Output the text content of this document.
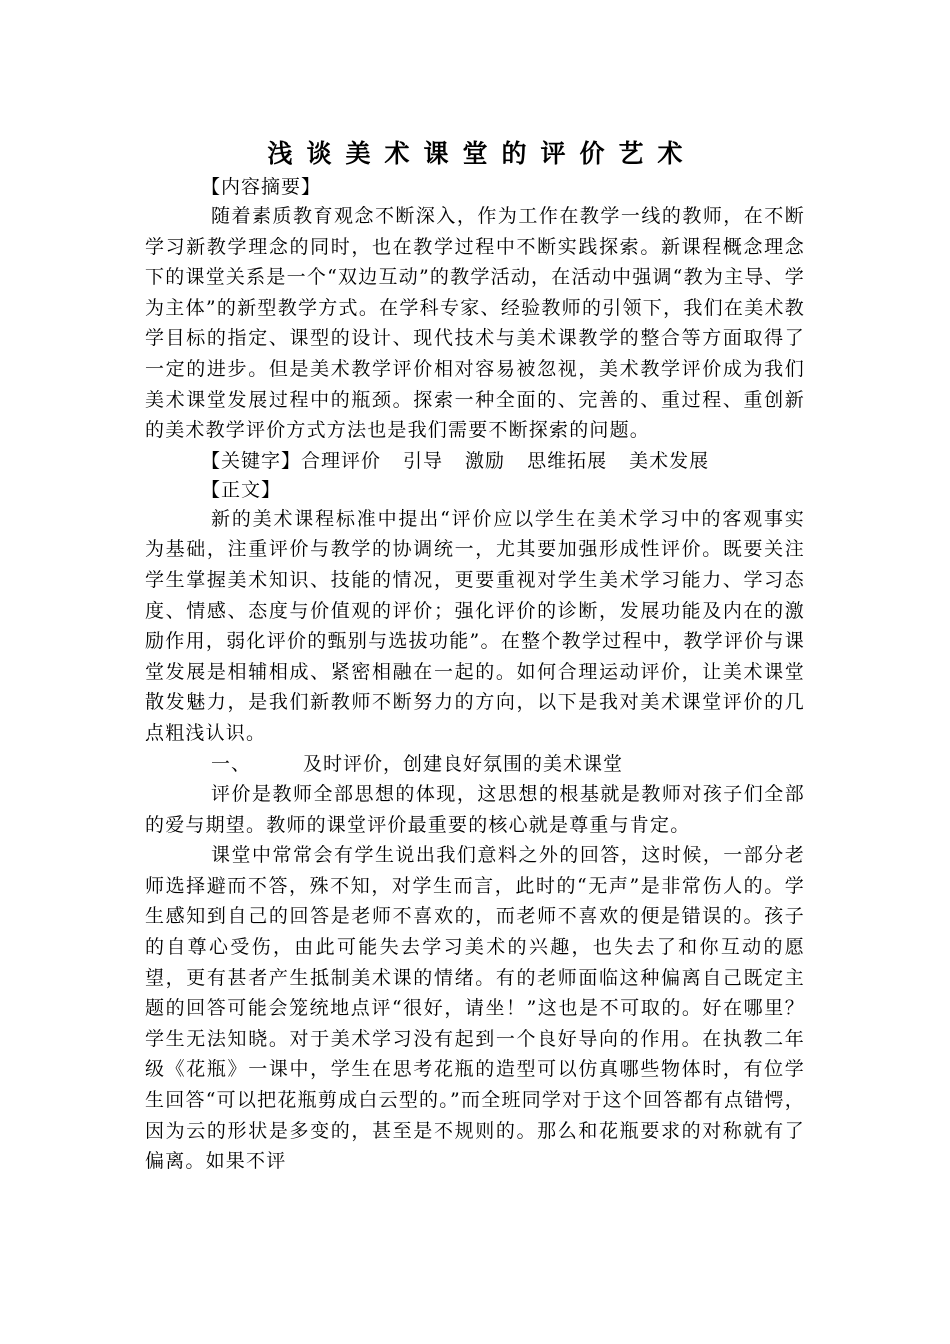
浅谈美术课堂的评价艺术

【内容摘要】

随着素质教育观念不断深入，作为工作在教学一线的教师，在不断学习新教学理念的同时，也在教学过程中不断实践探索。新课程概念理念下的课堂关系是一个“双边互动”的教学活动，在活动中强调“教为主导、学为主体”的新型教学方式。在学科专家、经验教师的引领下，我们在美术教学目标的指定、课型的设计、现代技术与美术课教学的整合等方面取得了一定的进步。但是美术教学评价相对容易被忽视，美术教学评价成为我们美术课堂发展过程中的瓶颈。探索一种全面的、完善的、重过程、重创新的美术教学评价方式方法也是我们需要不断探索的问题。

【关键字】合理评价 引导 激励 思维拓展 美术发展

【正文】

新的美术课程标准中提出“评价应以学生在美术学习中的客观事实为基础，注重评价与教学的协调统一，尤其要加强形成性评价。既要关注学生掌握美术知识、技能的情况，更要重视对学生美术学习能力、学习态度、情感、态度与价值观的评价；强化评价的诊断，发展功能及内在的激励作用，弱化评价的甄别与选拔功能”。在整个教学过程中，教学评价与课堂发展是相辅相成、紧密相融在一起的。如何合理运动评价，让美术课堂散发魅力，是我们新教师不断努力的方向，以下是我对美术课堂评价的几点粗浅认识。

一、	及时评价，创建良好氛围的美术课堂

评价是教师全部思想的体现，这思想的根基就是教师对孩子们全部的爱与期望。教师的课堂评价最重要的核心就是尊重与肯定。

课堂中常常会有学生说出我们意料之外的回答，这时候，一部分老师选择避而不答，殊不知，对学生而言，此时的“无声”是非常伤人的。学生感知到自己的回答是老师不喜欢的，而老师不喜欢的便是错误的。孩子的自尊心受伤，由此可能失去学习美术的兴趣，也失去了和你互动的愿望，更有甚者产生抵制美术课的情绪。有的老师面临这种偏离自己既定主题的回答可能会笼统地点评“很好，请坐！”这也是不可取的。好在哪里？学生无法知晓。对于美术学习没有起到一个良好导向的作用。在执教二年级《花瓶》一课中，学生在思考花瓶的造型可以仿真哪些物体时，有位学生回答“可以把花瓶剪成白云型的。”而全班同学对于这个回答都有点错愕，因为云的形状是多变的，甚至是不规则的。那么和花瓶要求的对称就有了偏离。如果不评
